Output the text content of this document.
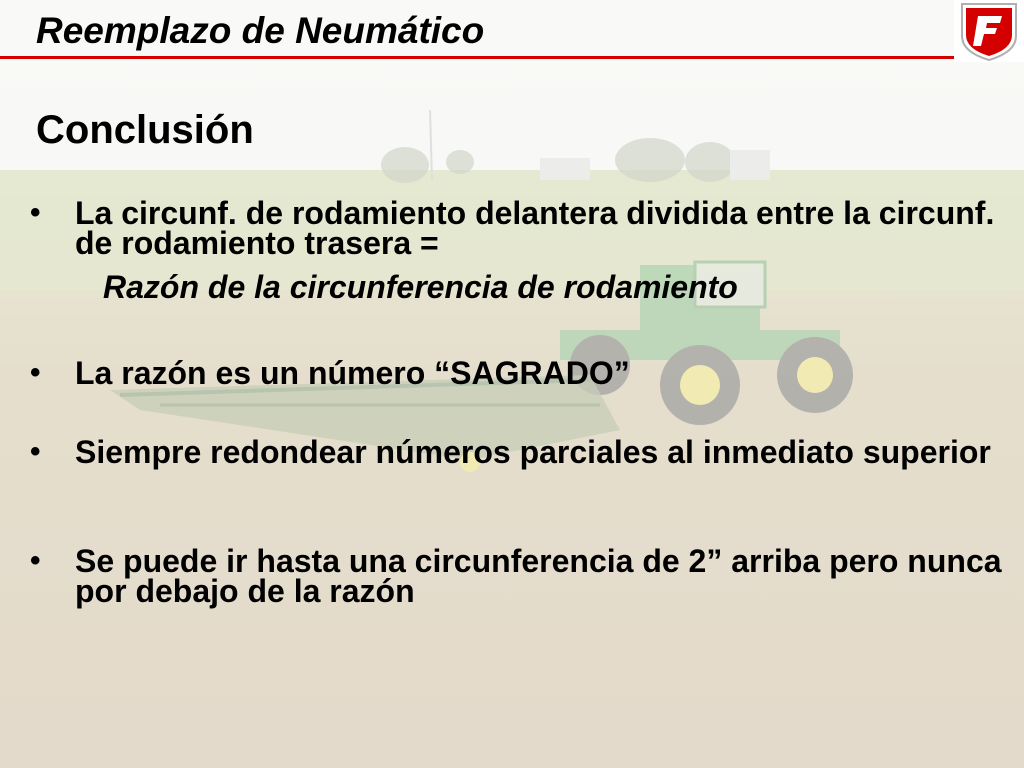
Reemplazo de Neumático
Conclusión
• La circunf. de rodamiento delantera dividida entre la circunf. de rodamiento trasera =
Razón de la circunferencia de rodamiento
• La razón es un número “SAGRADO”
• Siempre redondear números parciales al inmediato superior
• Se puede ir hasta una circunferencia de 2” arriba pero nunca por debajo de la razón
